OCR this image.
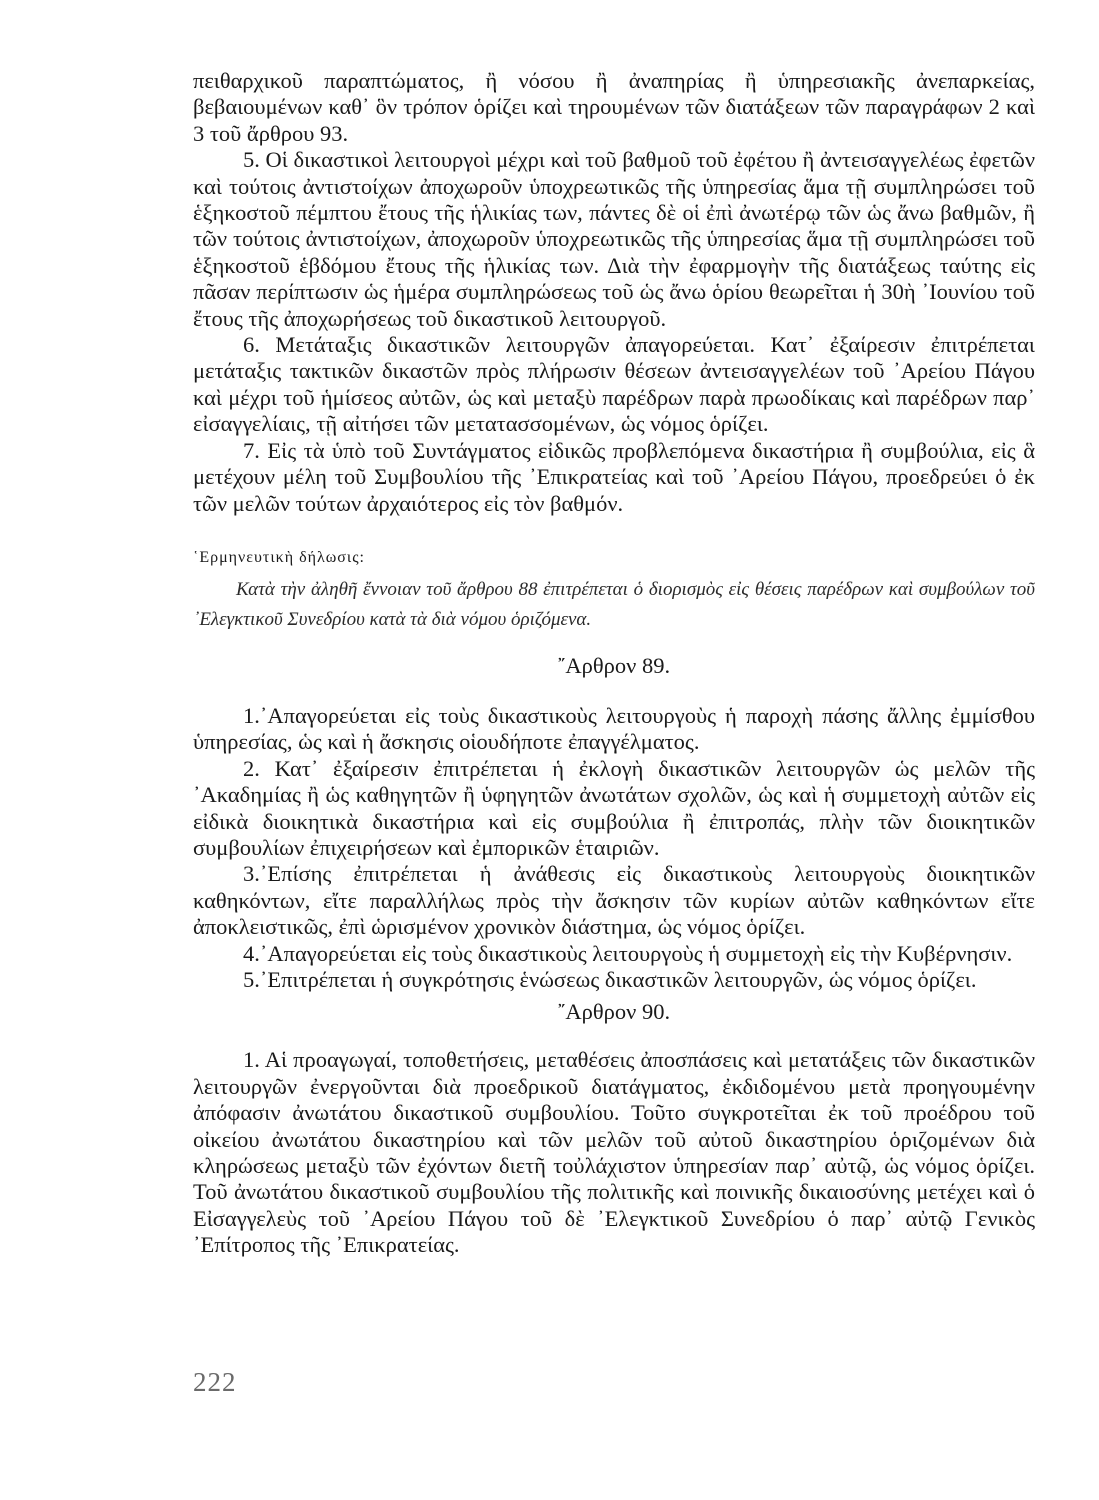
πειθαρχικοῦ παραπτώματος, ἢ νόσου ἢ ἀναπηρίας ἢ ὑπηρεσιακῆς ἀνεπαρκείας, βεβαιουμένων καθ᾽ ὃν τρόπον ὁρίζει καὶ τηρουμένων τῶν διατάξεων τῶν παραγράφων 2 καὶ 3 τοῦ ἄρθρου 93.

5. Οἱ δικαστικοὶ λειτουργοὶ μέχρι καὶ τοῦ βαθμοῦ τοῦ ἐφέτου ἢ ἀντεισαγγελέως ἐφετῶν καὶ τούτοις ἀντιστοίχων ἀποχωροῦν ὑποχρεωτικῶς τῆς ὑπηρεσίας ἅμα τῇ συμπληρώσει τοῦ ἑξηκοστοῦ πέμπτου ἔτους τῆς ἡλικίας των, πάντες δὲ οἱ ἐπὶ ἀνωτέρῳ τῶν ὡς ἄνω βαθμῶν, ἢ τῶν τούτοις ἀντιστοίχων, ἀποχωροῦν ὑποχρεωτικῶς τῆς ὑπηρεσίας ἅμα τῇ συμπληρώσει τοῦ ἑξηκοστοῦ ἑβδόμου ἔτους τῆς ἡλικίας των. Διὰ τὴν ἐφαρμογὴν τῆς διατάξεως ταύτης εἰς πᾶσαν περίπτωσιν ὡς ἡμέρα συμπληρώσεως τοῦ ὡς ἄνω ὁρίου θεωρεῖται ἡ 30ὴ ᾽Ιουνίου τοῦ ἔτους τῆς ἀποχωρήσεως τοῦ δικαστικοῦ λειτουργοῦ.

6. Μετάταξις δικαστικῶν λειτουργῶν ἀπαγορεύεται. Κατ᾽ ἐξαίρεσιν ἐπιτρέπεται μετάταξις τακτικῶν δικαστῶν πρὸς πλήρωσιν θέσεων ἀντεισαγγελέων τοῦ ᾽Αρείου Πάγου καὶ μέχρι τοῦ ἡμίσεος αὐτῶν, ὡς καὶ μεταξὺ παρέδρων παρὰ πρωοδίκαις καὶ παρέδρων παρ᾽ εἰσαγγελίαις, τῇ αἰτήσει τῶν μετατασσομένων, ὡς νόμος ὁρίζει.

7. Εἰς τὰ ὑπὸ τοῦ Συντάγματος εἰδικῶς προβλεπόμενα δικαστήρια ἢ συμβούλια, εἰς ἃ μετέχουν μέλη τοῦ Συμβουλίου τῆς ᾽Επικρατείας καὶ τοῦ ᾽Αρείου Πάγου, προεδρεύει ὁ ἐκ τῶν μελῶν τούτων ἀρχαιότερος εἰς τὸν βαθμόν.

῾Ερμηνευτικὴ δήλωσις:

Κατὰ τὴν ἀληθῆ ἔννοιαν τοῦ ἄρθρου 88 ἐπιτρέπεται ὁ διορισμὸς εἰς θέσεις παρέδρων καὶ συμβούλων τοῦ ᾽Ελεγκτικοῦ Συνεδρίου κατὰ τὰ διὰ νόμου ὁριζόμενα.

῎Αρθρον 89.

1.᾽Απαγορεύεται εἰς τοὺς δικαστικοὺς λειτουργοὺς ἡ παροχὴ πάσης ἄλλης ἐμμίσθου ὑπηρεσίας, ὡς καὶ ἡ ἄσκησις οἱουδήποτε ἐπαγγέλματος.

2. Κατ᾽ ἐξαίρεσιν ἐπιτρέπεται ἡ ἐκλογὴ δικαστικῶν λειτουργῶν ὡς μελῶν τῆς ᾽Ακαδημίας ἢ ὡς καθηγητῶν ἢ ὑφηγητῶν ἀνωτάτων σχολῶν, ὡς καὶ ἡ συμμετοχὴ αὐτῶν εἰς εἰδικὰ διοικητικὰ δικαστήρια καὶ εἰς συμβούλια ἢ ἐπιτροπάς, πλὴν τῶν διοικητικῶν συμβουλίων ἐπιχειρήσεων καὶ ἐμπορικῶν ἑταιριῶν.

3.᾽Επίσης ἐπιτρέπεται ἡ ἀνάθεσις εἰς δικαστικοὺς λειτουργοὺς διοικητικῶν καθηκόντων, εἴτε παραλλήλως πρὸς τὴν ἄσκησιν τῶν κυρίων αὐτῶν καθηκόντων εἴτε ἀποκλειστικῶς, ἐπὶ ὡρισμένον χρονικὸν διάστημα, ὡς νόμος ὁρίζει.

4.᾽Απαγορεύεται εἰς τοὺς δικαστικοὺς λειτουργοὺς ἡ συμμετοχὴ εἰς τὴν Κυβέρνησιν.

5.᾽Επιτρέπεται ἡ συγκρότησις ἑνώσεως δικαστικῶν λειτουργῶν, ὡς νόμος ὁρίζει.

῎Αρθρον 90.

1. Αἱ προαγωγαί, τοποθετήσεις, μεταθέσεις ἀποσπάσεις καὶ μετατάξεις τῶν δικαστικῶν λειτουργῶν ἐνεργοῦνται διὰ προεδρικοῦ διατάγματος, ἐκδιδομένου μετὰ προηγουμένην ἀπόφασιν ἀνωτάτου δικαστικοῦ συμβουλίου. Τοῦτο συγκροτεῖται ἐκ τοῦ προέδρου τοῦ οἰκείου ἀνωτάτου δικαστηρίου καὶ τῶν μελῶν τοῦ αὐτοῦ δικαστηρίου ὁριζομένων διὰ κληρώσεως μεταξὺ τῶν ἐχόντων διετῆ τοὐλάχιστον ὑπηρεσίαν παρ᾽ αὐτῷ, ὡς νόμος ὁρίζει. Τοῦ ἀνωτάτου δικαστικοῦ συμβουλίου τῆς πολιτικῆς καὶ ποινικῆς δικαιοσύνης μετέχει καὶ ὁ Εἰσαγγελεὺς τοῦ ᾽Αρείου Πάγου τοῦ δὲ ᾽Ελεγκτικοῦ Συνεδρίου ὁ παρ᾽ αὐτῷ Γενικὸς ᾽Επίτροπος τῆς ᾽Επικρατείας.

222
